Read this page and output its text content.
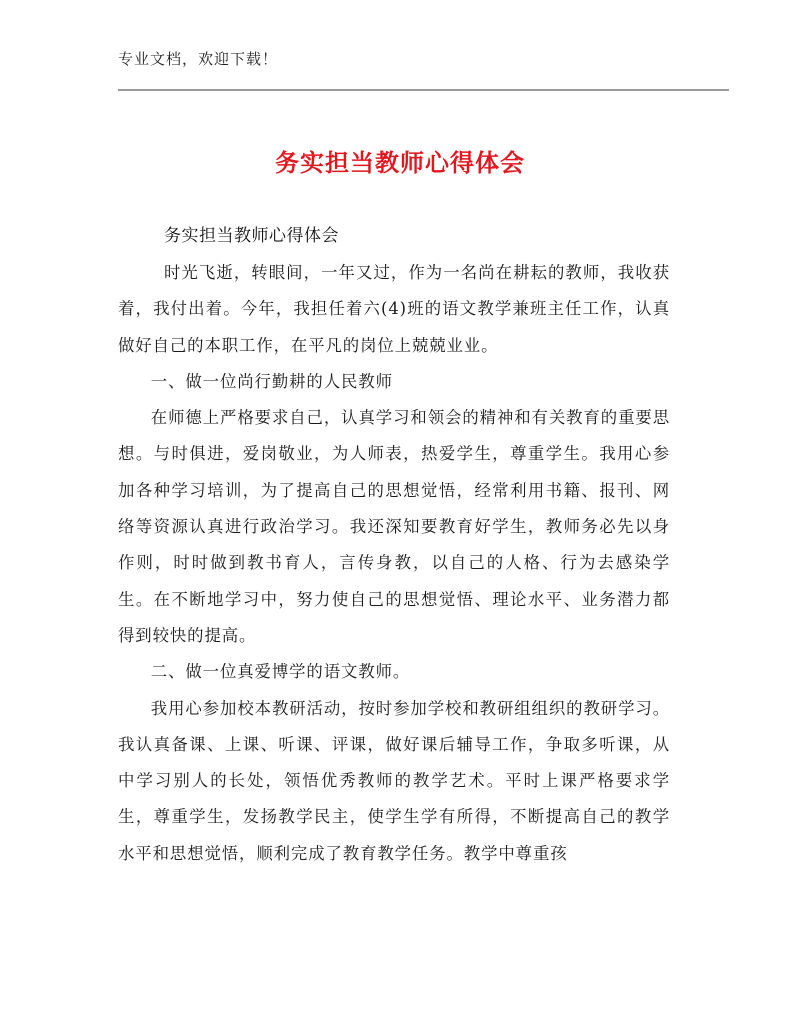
专业文档，欢迎下载！
务实担当教师心得体会
务实担当教师心得体会

时光飞逝，转眼间，一年又过，作为一名尚在耕耘的教师，我收获着，我付出着。今年，我担任着六(4)班的语文教学兼班主任工作，认真做好自己的本职工作，在平凡的岗位上兢兢业业。

一、做一位尚行勤耕的人民教师

在师德上严格要求自己，认真学习和领会的精神和有关教育的重要思想。与时俱进，爱岗敬业，为人师表，热爱学生，尊重学生。我用心参加各种学习培训，为了提高自己的思想觉悟，经常利用书籍、报刊、网络等资源认真进行政治学习。我还深知要教育好学生，教师务必先以身作则，时时做到教书育人，言传身教，以自己的人格、行为去感染学生。在不断地学习中，努力使自己的思想觉悟、理论水平、业务潜力都得到较快的提高。

二、做一位真爱博学的语文教师。

我用心参加校本教研活动，按时参加学校和教研组组织的教研学习。我认真备课、上课、听课、评课，做好课后辅导工作，争取多听课，从中学习别人的长处，领悟优秀教师的教学艺术。平时上课严格要求学生，尊重学生，发扬教学民主，使学生学有所得，不断提高自己的教学水平和思想觉悟，顺利完成了教育教学任务。教学中尊重孩
